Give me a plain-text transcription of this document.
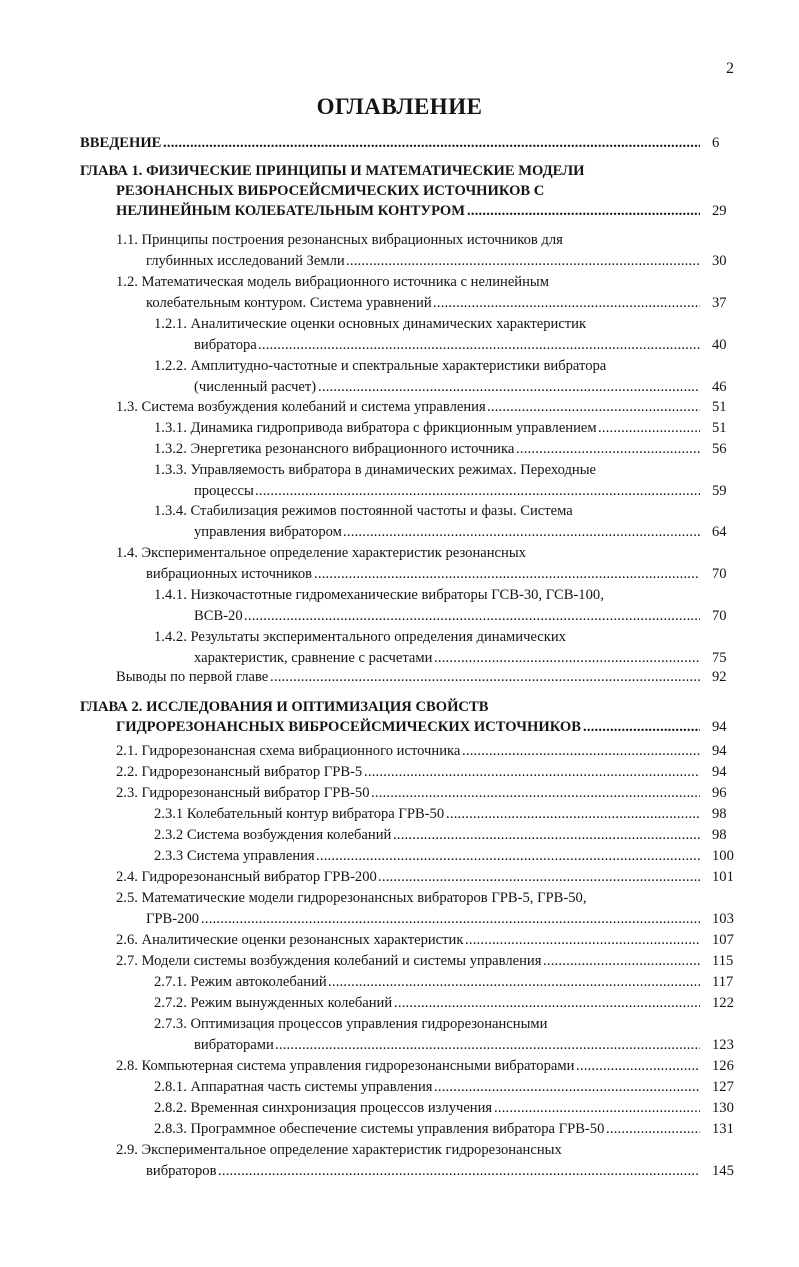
2
ОГЛАВЛЕНИЕ
ВВЕДЕНИЕ .....	6
ГЛАВА 1. ФИЗИЧЕСКИЕ ПРИНЦИПЫ И МАТЕМАТИЧЕСКИЕ МОДЕЛИ
РЕЗОНАНСНЫХ ВИБРОСЕЙСМИЧЕСКИХ ИСТОЧНИКОВ С
НЕЛИНЕЙНЫМ КОЛЕБАТЕЛЬНЫМ КОНТУРОМ .....	29
1.1. Принципы построения резонансных вибрационных источников для
глубинных исследований Земли .....	30
1.2. Математическая модель вибрационного источника с нелинейным
колебательным контуром. Система уравнений .....	37
1.2.1. Аналитические оценки основных динамических характеристик
вибратора .....	40
1.2.2. Амплитудно-частотные и спектральные характеристики вибратора
(численный расчет) .....	46
1.3. Система возбуждения колебаний и система управления .....	51
1.3.1. Динамика гидропривода вибратора с фрикционным управлением .....	51
1.3.2. Энергетика резонансного вибрационного источника .....	56
1.3.3. Управляемость вибратора в динамических режимах. Переходные
процессы .....	59
1.3.4. Стабилизация режимов постоянной частоты и фазы. Система
управления вибратором .....	64
1.4. Экспериментальное определение характеристик резонансных
вибрационных источников .....	70
1.4.1. Низкочастотные гидромеханические вибраторы ГСВ-30, ГСВ-100,
ВСВ-20 .....	70
1.4.2. Результаты экспериментального определения динамических
характеристик, сравнение с расчетами .....	75
Выводы по первой главе .....	92
ГЛАВА 2. ИССЛЕДОВАНИЯ И ОПТИМИЗАЦИЯ СВОЙСТВ
ГИДРОРЕЗОНАНСНЫХ ВИБРОСЕЙСМИЧЕСКИХ ИСТОЧНИКОВ .....	94
2.1. Гидрорезонансная схема вибрационного источника .....	94
2.2. Гидрорезонансный вибратор ГРВ-5 .....	94
2.3. Гидрорезонансный вибратор ГРВ-50 .....	96
2.3.1 Колебательный контур вибратора ГРВ-50 .....	98
2.3.2 Система возбуждения колебаний .....	98
2.3.3 Система управления .....	100
2.4. Гидрорезонансный вибратор ГРВ-200 .....	101
2.5. Математические модели гидрорезонансных вибраторов ГРВ-5, ГРВ-50,
ГРВ-200 .....	103
2.6. Аналитические оценки резонансных характеристик .....	107
2.7. Модели системы возбуждения колебаний и системы управления .....	115
2.7.1. Режим автоколебаний .....	117
2.7.2. Режим вынужденных колебаний .....	122
2.7.3. Оптимизация процессов управления гидрорезонансными
вибраторами .....	123
2.8. Компьютерная система управления гидрорезонансными вибраторами .....	126
2.8.1. Аппаратная часть системы управления .....	127
2.8.2. Временная синхронизация процессов излучения .....	130
2.8.3. Программное обеспечение системы управления вибратора ГРВ-50 .....	131
2.9. Экспериментальное определение характеристик гидрорезонансных
вибраторов .....	145
